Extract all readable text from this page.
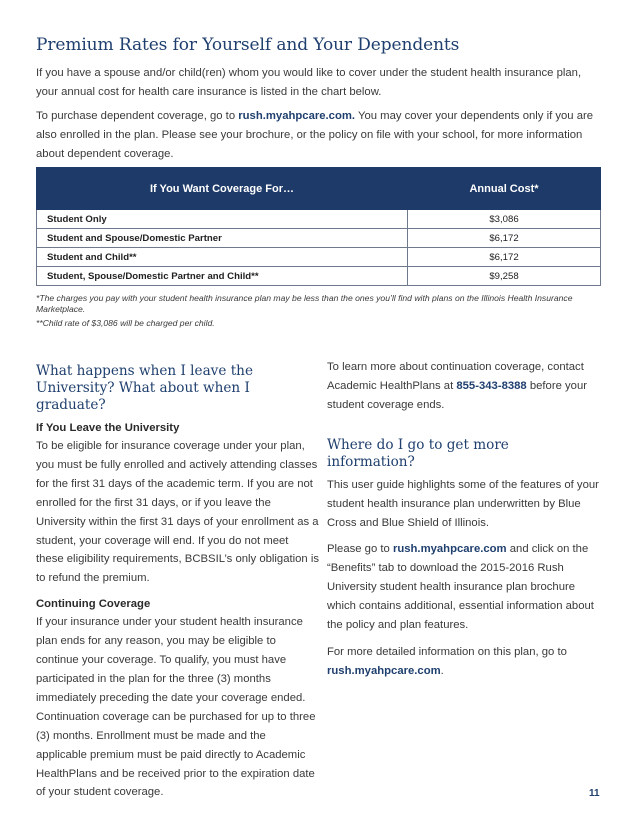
Premium Rates for Yourself and Your Dependents

If you have a spouse and/or child(ren) whom you would like to cover under the student health insurance plan, your annual cost for health care insurance is listed in the chart below.

To purchase dependent coverage, go to rush.myahpcare.com. You may cover your dependents only if you are also enrolled in the plan. Please see your brochure, or the policy on file with your school, for more information about dependent coverage.

If You Want Coverage For…	Annual Cost*
Student Only	$3,086
Student and Spouse/Domestic Partner	$6,172
Student and Child**	$6,172
Student, Spouse/Domestic Partner and Child**	$9,258

*The charges you pay with your student health insurance plan may be less than the ones you’ll find with plans on the Illinois Health Insurance Marketplace.

**Child rate of $3,086 will be charged per child.

What happens when I leave the University? What about when I graduate?
If You Leave the University

To be eligible for insurance coverage under your plan, you must be fully enrolled and actively attending classes for the first 31 days of the academic term. If you are not enrolled for the first 31 days, or if you leave the University within the first 31 days of your enrollment as a student, your coverage will end. If you do not meet these eligibility requirements, BCBSIL’s only obligation is to refund the premium.

Continuing Coverage

If your insurance under your student health insurance plan ends for any reason, you may be eligible to continue your coverage. To qualify, you must have participated in the plan for the three (3) months immediately preceding the date your coverage ended. Continuation coverage can be purchased for up to three (3) months. Enrollment must be made and the applicable premium must be paid directly to Academic HealthPlans and be received prior to the expiration date of your student coverage.

To learn more about continuation coverage, contact Academic HealthPlans at 855-343-8388 before your student coverage ends.

Where do I go to get more information?

This user guide highlights some of the features of your student health insurance plan underwritten by Blue Cross and Blue Shield of Illinois.

Please go to rush.myahpcare.com and click on the “Benefits” tab to download the 2015-2016 Rush University student health insurance plan brochure which contains additional, essential information about the policy and plan features.

For more detailed information on this plan, go to rush.myahpcare.com.

11
